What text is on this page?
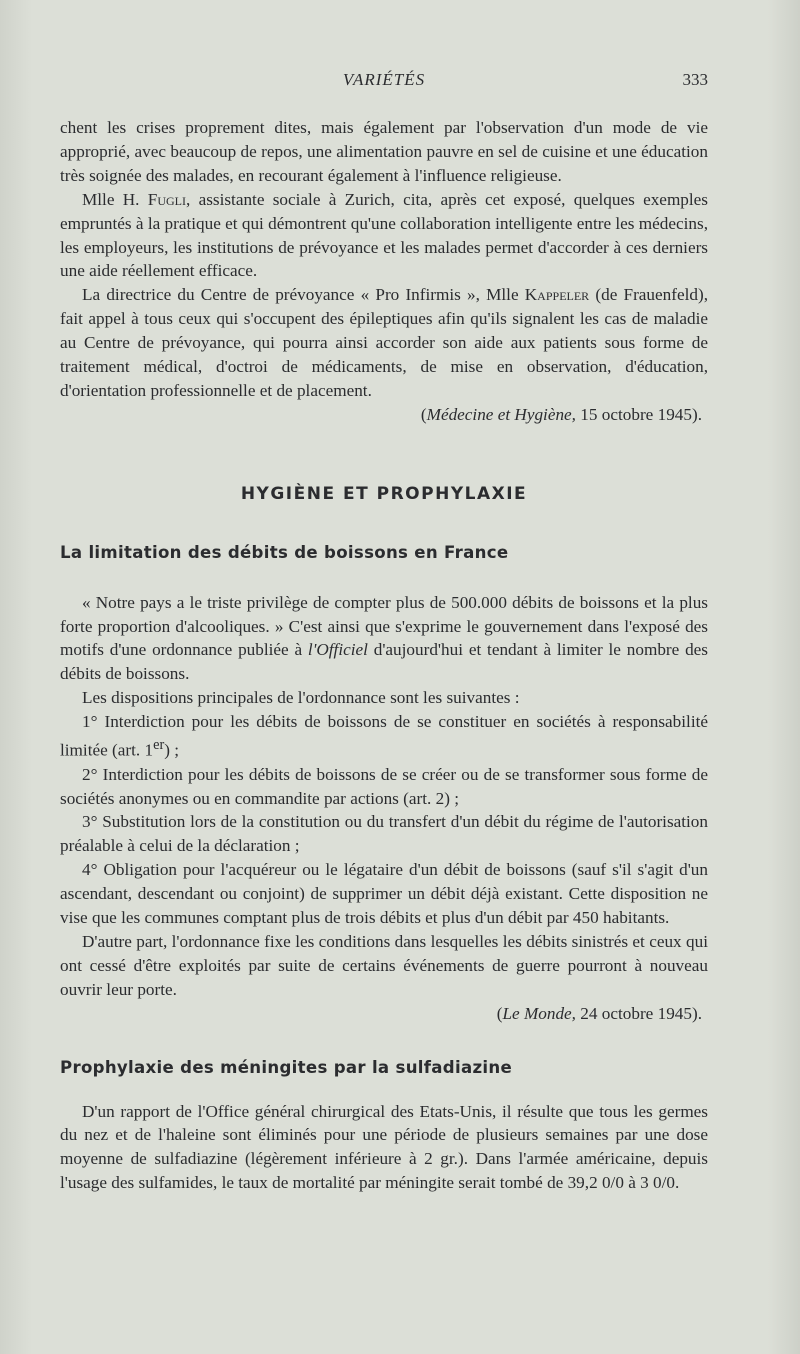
VARIÉTÉS	333

chent les crises proprement dites, mais également par l'observation d'un mode de vie approprié, avec beaucoup de repos, une alimentation pauvre en sel de cuisine et une éducation très soignée des malades, en recourant également à l'influence religieuse.

Mlle H. Fugli, assistante sociale à Zurich, cita, après cet exposé, quelques exemples empruntés à la pratique et qui démontrent qu'une collaboration intelligente entre les médecins, les employeurs, les institutions de prévoyance et les malades permet d'accorder à ces derniers une aide réellement efficace.

La directrice du Centre de prévoyance « Pro Infirmis », Mlle Kappeler (de Frauenfeld), fait appel à tous ceux qui s'occupent des épileptiques afin qu'ils signalent les cas de maladie au Centre de prévoyance, qui pourra ainsi accorder son aide aux patients sous forme de traitement médical, d'octroi de médicaments, de mise en observation, d'éducation, d'orientation professionnelle et de placement.

(Médecine et Hygiène, 15 octobre 1945).

HYGIÈNE ET PROPHYLAXIE
La limitation des débits de boissons en France

« Notre pays a le triste privilège de compter plus de 500.000 débits de boissons et la plus forte proportion d'alcooliques. » C'est ainsi que s'exprime le gouvernement dans l'exposé des motifs d'une ordonnance publiée à l'Officiel d'aujourd'hui et tendant à limiter le nombre des débits de boissons.

Les dispositions principales de l'ordonnance sont les suivantes :

1° Interdiction pour les débits de boissons de se constituer en sociétés à responsabilité limitée (art. 1er) ;

2° Interdiction pour les débits de boissons de se créer ou de se transformer sous forme de sociétés anonymes ou en commandite par actions (art. 2) ;

3° Substitution lors de la constitution ou du transfert d'un débit du régime de l'autorisation préalable à celui de la déclaration ;

4° Obligation pour l'acquéreur ou le légataire d'un débit de boissons (sauf s'il s'agit d'un ascendant, descendant ou conjoint) de supprimer un débit déjà existant. Cette disposition ne vise que les communes comptant plus de trois débits et plus d'un débit par 450 habitants.

D'autre part, l'ordonnance fixe les conditions dans lesquelles les débits sinistrés et ceux qui ont cessé d'être exploités par suite de certains événements de guerre pourront à nouveau ouvrir leur porte.

(Le Monde, 24 octobre 1945).

Prophylaxie des méningites par la sulfadiazine

D'un rapport de l'Office général chirurgical des Etats-Unis, il résulte que tous les germes du nez et de l'haleine sont éliminés pour une période de plusieurs semaines par une dose moyenne de sulfadiazine (légèrement inférieure à 2 gr.). Dans l'armée américaine, depuis l'usage des sulfamides, le taux de mortalité par méningite serait tombé de 39,2 0/0 à 3 0/0.
